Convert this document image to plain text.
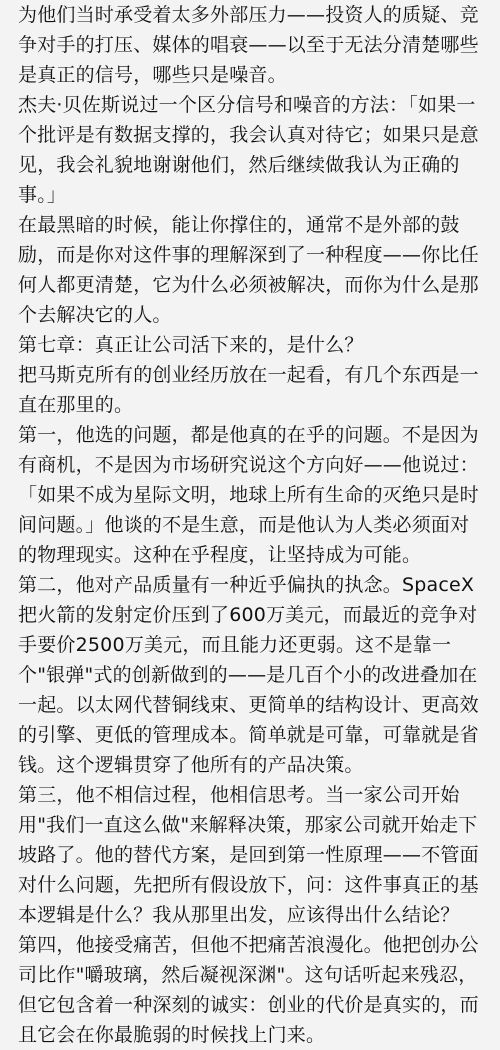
为他们当时承受着太多外部压力——投资人的质疑、竞争对手的打压、媒体的唱衰——以至于无法分清楚哪些是真正的信号，哪些只是噪音。

杰夫·贝佐斯说过一个区分信号和噪音的方法：「如果一个批评是有数据支撑的，我会认真对待它；如果只是意见，我会礼貌地谢谢他们，然后继续做我认为正确的事。」

在最黑暗的时候，能让你撑住的，通常不是外部的鼓励，而是你对这件事的理解深到了一种程度——你比任何人都更清楚，它为什么必须被解决，而你为什么是那个去解决它的人。

第七章：真正让公司活下来的，是什么？

把马斯克所有的创业经历放在一起看，有几个东西是一直在那里的。

第一，他选的问题，都是他真的在乎的问题。不是因为有商机，不是因为市场研究说这个方向好——他说过：「如果不成为星际文明，地球上所有生命的灭绝只是时间问题。」他谈的不是生意，而是他认为人类必须面对的物理现实。这种在乎程度，让坚持成为可能。

第二，他对产品质量有一种近乎偏执的执念。SpaceX把火箭的发射定价压到了600万美元，而最近的竞争对手要价2500万美元，而且能力还更弱。这不是靠一个"银弹"式的创新做到的——是几百个小的改进叠加在一起。以太网代替铜线束、更简单的结构设计、更高效的引擎、更低的管理成本。简单就是可靠，可靠就是省钱。这个逻辑贯穿了他所有的产品决策。

第三，他不相信过程，他相信思考。当一家公司开始用"我们一直这么做"来解释决策，那家公司就开始走下坡路了。他的替代方案，是回到第一性原理——不管面对什么问题，先把所有假设放下，问：这件事真正的基本逻辑是什么？我从那里出发，应该得出什么结论？

第四，他接受痛苦，但他不把痛苦浪漫化。他把创办公司比作"嚼玻璃，然后凝视深渊"。这句话听起来残忍，但它包含着一种深刻的诚实：创业的代价是真实的，而且它会在你最脆弱的时候找上门来。
